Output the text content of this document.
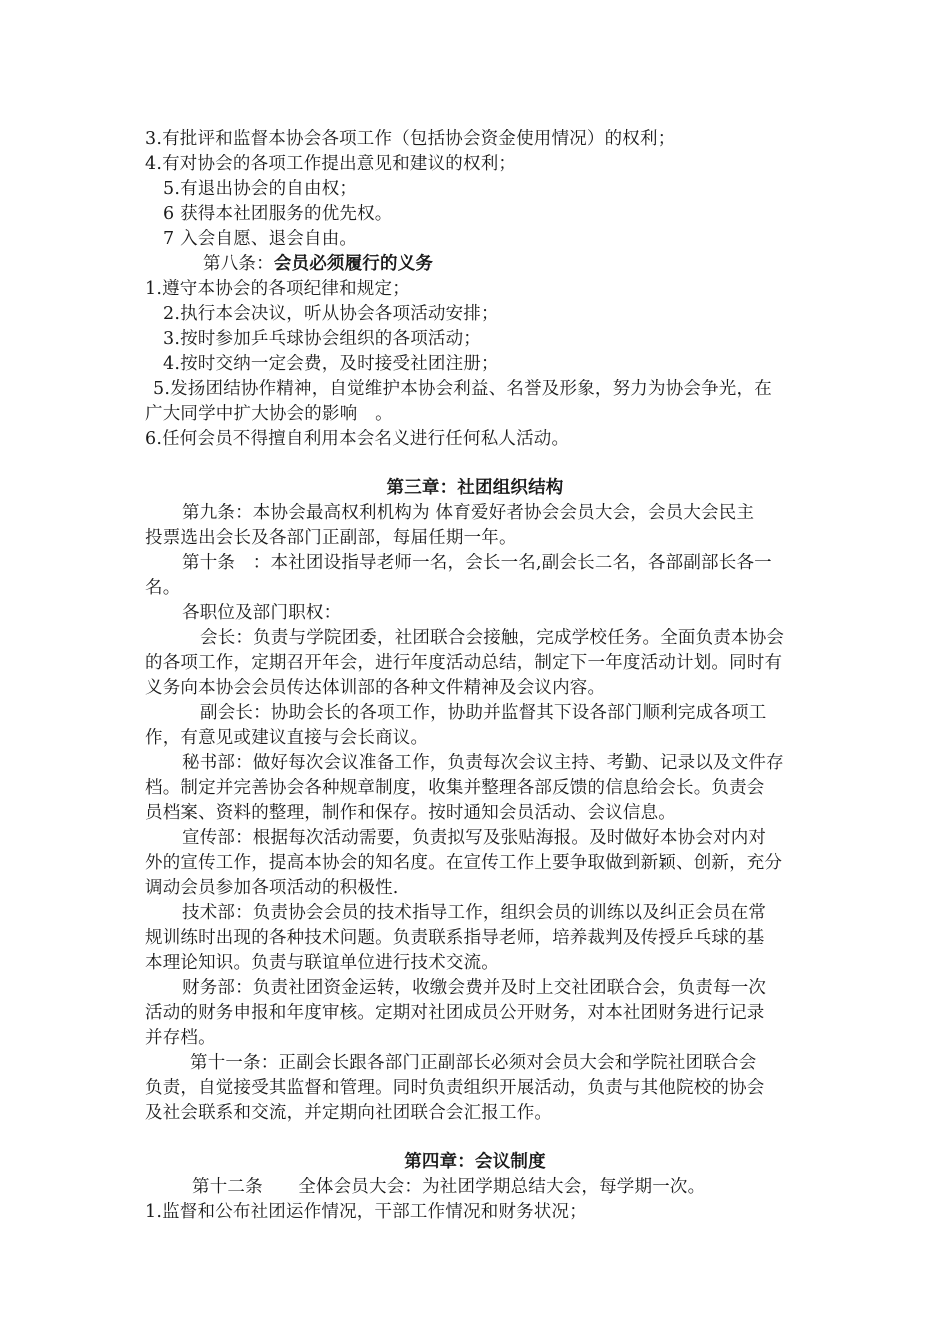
3.有批评和监督本协会各项工作（包括协会资金使用情况）的权利；
4.有对协会的各项工作提出意见和建议的权利；
5.有退出协会的自由权；
6 获得本社团服务的优先权。
7 入会自愿、退会自由。
第八条：会员必须履行的义务
1.遵守本协会的各项纪律和规定；
2.执行本会决议，听从协会各项活动安排；
3.按时参加乒乓球协会组织的各项活动；
4.按时交纳一定会费，及时接受社团注册；
5.发扬团结协作精神，自觉维护本协会利益、名誉及形象，努力为协会争光，在
广大同学中扩大协会的影响　。
6.任何会员不得擅自利用本会名义进行任何私人活动。
第三章：社团组织结构
第九条：本协会最高权利机构为 体育爱好者协会会员大会，会员大会民主
投票选出会长及各部门正副部，每届任期一年。
第十条　：本社团设指导老师一名，会长一名,副会长二名，各部副部长各一
名。
各职位及部门职权：
会长：负责与学院团委，社团联合会接触，完成学校任务。全面负责本协会
的各项工作，定期召开年会，进行年度活动总结，制定下一年度活动计划。同时有
义务向本协会会员传达体训部的各种文件精神及会议内容。
副会长：协助会长的各项工作，协助并监督其下设各部门顺利完成各项工
作，有意见或建议直接与会长商议。
秘书部：做好每次会议准备工作，负责每次会议主持、考勤、记录以及文件存
档。制定并完善协会各种规章制度，收集并整理各部反馈的信息给会长。负责会
员档案、资料的整理，制作和保存。按时通知会员活动、会议信息。
宣传部：根据每次活动需要，负责拟写及张贴海报。及时做好本协会对内对
外的宣传工作，提高本协会的知名度。在宣传工作上要争取做到新颖、创新，充分
调动会员参加各项活动的积极性.
技术部：负责协会会员的技术指导工作，组织会员的训练以及纠正会员在常
规训练时出现的各种技术问题。负责联系指导老师，培养裁判及传授乒乓球的基
本理论知识。负责与联谊单位进行技术交流。
财务部：负责社团资金运转，收缴会费并及时上交社团联合会，负责每一次
活动的财务申报和年度审核。定期对社团成员公开财务，对本社团财务进行记录
并存档。
第十一条：正副会长跟各部门正副部长必须对会员大会和学院社团联合会
负责，自觉接受其监督和管理。同时负责组织开展活动，负责与其他院校的协会
及社会联系和交流，并定期向社团联合会汇报工作。
第四章：会议制度
第十二条　　全体会员大会：为社团学期总结大会，每学期一次。
1.监督和公布社团运作情况，干部工作情况和财务状况；
